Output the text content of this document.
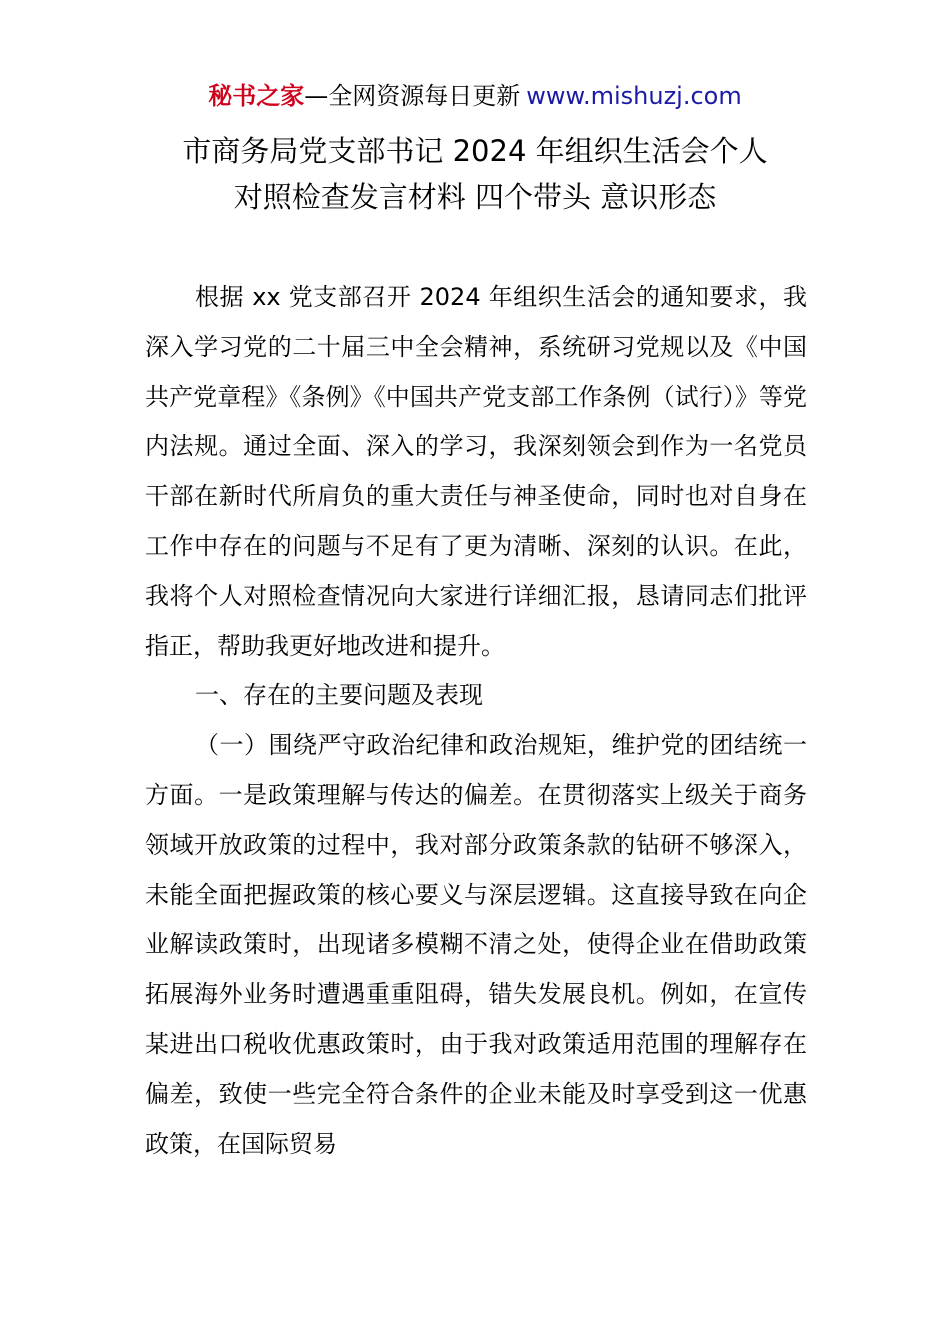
秘书之家—全网资源每日更新 www.mishuzj.com
市商务局党支部书记 2024 年组织生活会个人
对照检查发言材料 四个带头 意识形态

根据 xx 党支部召开 2024 年组织生活会的通知要求，我深入学习党的二十届三中全会精神，系统研习党规以及《中国共产党章程》《条例》《中国共产党支部工作条例（试行）》等党内法规。通过全面、深入的学习，我深刻领会到作为一名党员干部在新时代所肩负的重大责任与神圣使命，同时也对自身在工作中存在的问题与不足有了更为清晰、深刻的认识。在此，我将个人对照检查情况向大家进行详细汇报，恳请同志们批评指正，帮助我更好地改进和提升。

一、存在的主要问题及表现

（一）围绕严守政治纪律和政治规矩，维护党的团结统一方面。一是政策理解与传达的偏差。在贯彻落实上级关于商务领域开放政策的过程中，我对部分政策条款的钻研不够深入，未能全面把握政策的核心要义与深层逻辑。这直接导致在向企业解读政策时，出现诸多模糊不清之处，使得企业在借助政策拓展海外业务时遭遇重重阻碍，错失发展良机。例如，在宣传某进出口税收优惠政策时，由于我对政策适用范围的理解存在偏差，致使一些完全符合条件的企业未能及时享受到这一优惠政策，在国际贸易
